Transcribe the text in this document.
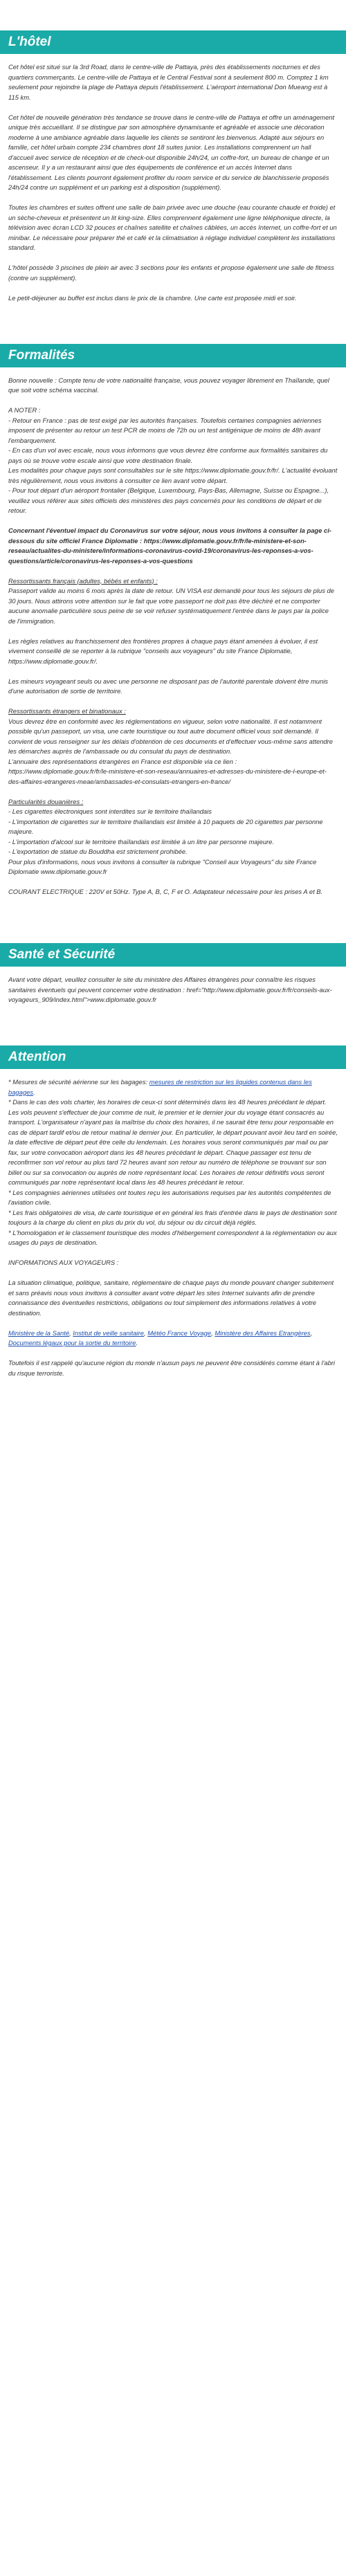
L'hôtel

Cet hôtel est situé sur la 3rd Road, dans le centre-ville de Pattaya, près des établissements nocturnes et des quartiers commerçants. Le centre-ville de Pattaya et le Central Festival sont à seulement 800 m. Comptez 1 km seulement pour rejoindre la plage de Pattaya depuis l'établissement. L'aéroport international Don Mueang est à 115 km.

Cet hôtel de nouvelle génération très tendance se trouve dans le centre-ville de Pattaya et offre un aménagement unique très accueillant. Il se distingue par son atmosphère dynamisante et agréable et associe une décoration moderne à une ambiance agréable dans laquelle les clients se sentiront les bienvenus. Adapté aux séjours en famille, cet hôtel urbain compte 234 chambres dont 18 suites junior. Les installations comprennent un hall d'accueil avec service de réception et de check-out disponible 24h/24, un coffre-fort, un bureau de change et un ascenseur. Il y a un restaurant ainsi que des équipements de conférence et un accès Internet dans l'établissement. Les clients pourront également profiter du room service et du service de blanchisserie proposés 24h/24 contre un supplément et un parking est à disposition (supplément).

Toutes les chambres et suites offrent une salle de bain privée avec une douche (eau courante chaude et froide) et un sèche-cheveux et présentent un lit king-size. Elles comprennent également une ligne téléphonique directe, la télévision avec écran LCD 32 pouces et chaînes satellite et chaînes câblées, un accès Internet, un coffre-fort et un minibar. Le nécessaire pour préparer thé et café et la climatisation à réglage individuel complètent les installations standard.

L'hôtel possède 3 piscines de plein air avec 3 sections pour les enfants et propose également une salle de fitness (contre un supplément).

Le petit-déjeuner au buffet est inclus dans le prix de la chambre. Une carte est proposée midi et soir.

Formalités

Bonne nouvelle : Compte tenu de votre nationalité française, vous pouvez voyager librement en Thaïlande, quel que soit votre schéma vaccinal.

A NOTER :

- Retour en France : pas de test exigé par les autorités françaises. Toutefois certaines compagnies aériennes imposent de présenter au retour un test PCR de moins de 72h ou un test antigénique de moins de 48h avant l'embarquement.

- En cas d'un vol avec escale, nous vous informons que vous devrez être conforme aux formalités sanitaires du pays où se trouve votre escale ainsi que votre destination finale.

Les modalités pour chaque pays sont consultables sur le site https://www.diplomatie.gouv.fr/fr/. L'actualité évoluant très régulièrement, nous vous invitons à consulter ce lien avant votre départ.

- Pour tout départ d'un aéroport frontalier (Belgique, Luxembourg, Pays-Bas, Allemagne, Suisse ou Espagne...), veuillez vous référer aux sites officiels des ministères des pays concernés pour les conditions de départ et de retour.

Concernant l'éventuel impact du Coronavirus sur votre séjour, nous vous invitons à consulter la page ci-dessous du site officiel France Diplomatie : https://www.diplomatie.gouv.fr/fr/le-ministere-et-son-reseau/actualites-du-ministere/informations-coronavirus-covid-19/coronavirus-les-reponses-a-vos-questions/article/coronavirus-les-reponses-a-vos-questions

Ressortissants français (adultes, bébés et enfants) :

Passeport valide au moins 6 mois après la date de retour. UN VISA est demandé pour tous les séjours de plus de 30 jours. Nous attirons votre attention sur le fait que votre passeport ne doit pas être déchiré et ne comporter aucune anomalie particulière sous peine de se voir refuser systématiquement l'entrée dans le pays par la police de l'immigration.

Les règles relatives au franchissement des frontières propres à chaque pays étant amenées à évoluer, il est vivement conseillé de se reporter à la rubrique "conseils aux voyageurs" du site France Diplomatie, https://www.diplomatie.gouv.fr/.

Les mineurs voyageant seuls ou avec une personne ne disposant pas de l'autorité parentale doivent être munis d'une autorisation de sortie de territoire.

Ressortissants étrangers et binationaux :

Vous devrez être en conformité avec les réglementations en vigueur, selon votre nationalité. Il est notamment possible qu'un passeport, un visa, une carte touristique ou tout autre document officiel vous soit demandé. Il convient de vous renseigner sur les délais d'obtention de ces documents et d'effectuer vous-même sans attendre les démarches auprès de l'ambassade ou du consulat du pays de destination.

L'annuaire des représentations étrangères en France est disponible via ce lien : https://www.diplomatie.gouv.fr/fr/le-ministere-et-son-reseau/annuaires-et-adresses-du-ministere-de-l-europe-et-des-affaires-etrangeres-meae/ambassades-et-consulats-etrangers-en-france/

Particularités douanières :

- Les cigarettes électroniques sont interdites sur le territoire thaïlandais

- L'importation de cigarettes sur le territoire thaïlandais est limitée à 10 paquets de 20 cigarettes par personne majeure.

- L'importation d'alcool sur le territoire thaïlandais est limitée à un litre par personne majeure.

- L'exportation de statue du Bouddha est strictement prohibée.

Pour plus d'informations, nous vous invitons à consulter la rubrique "Conseil aux Voyageurs" du site France Diplomatie www.diplomatie.gouv.fr

COURANT ELECTRIQUE : 220V et 50Hz. Type A, B, C, F et O. Adaptateur nécessaire pour les prises A et B.

Santé et Sécurité

Avant votre départ, veuillez consulter le site du ministère des Affaires étrangères pour connaître les risques sanitaires éventuels qui peuvent concerner votre destination : href="http://www.diplomatie.gouv.fr/fr/conseils-aux-voyageurs_909/index.html">www.diplomatie.gouv.fr

Attention

* Mesures de sécurité aérienne sur les bagages: mesures de restriction sur les liquides contenus dans les bagages.

* Dans le cas des vols charter, les horaires de ceux-ci sont déterminés dans les 48 heures précédant le départ. Les vols peuvent s'effectuer de jour comme de nuit, le premier et le dernier jour du voyage étant consacrés au transport. L'organisateur n'ayant pas la maîtrise du choix des horaires, il ne saurait être tenu pour responsable en cas de départ tardif et/ou de retour matinal le dernier jour. En particulier, le départ pouvant avoir lieu tard en soirée, la date effective de départ peut être celle du lendemain. Les horaires vous seront communiqués par mail ou par fax, sur votre convocation aéroport dans les 48 heures précédant le départ. Chaque passager est tenu de reconfirmer son vol retour au plus tard 72 heures avant son retour au numéro de téléphone se trouvant sur son billet ou sur sa convocation ou auprès de notre représentant local. Les horaires de retour définitifs vous seront communiqués par notre représentant local dans les 48 heures précédant le retour.

* Les compagnies aériennes utilisées ont toutes reçu les autorisations requises par les autorités compétentes de l'aviation civile.

* Les frais obligatoires de visa, de carte touristique et en général les frais d'entrée dans le pays de destination sont toujours à la charge du client en plus du prix du vol, du séjour ou du circuit déjà réglés.

* L'homologation et le classement touristique des modes d'hébergement correspondent à la réglementation ou aux usages du pays de destination.

INFORMATIONS AUX VOYAGEURS :

La situation climatique, politique, sanitaire, réglementaire de chaque pays du monde pouvant changer subitement et sans préavis nous vous invitons à consulter avant votre départ les sites Internet suivants afin de prendre connaissance des éventuelles restrictions, obligations ou tout simplement des informations relatives à votre destination.

Ministère de la Santé, Institut de veille sanitaire, Météo France Voyage, Ministère des Affaires Etrangères, Documents légaux pour la sortie du territoire.

Toutefois il est rappelé qu'aucune région du monde n'ausun pays ne peuvent être considérés comme étant à l'abri du risque terroriste.
